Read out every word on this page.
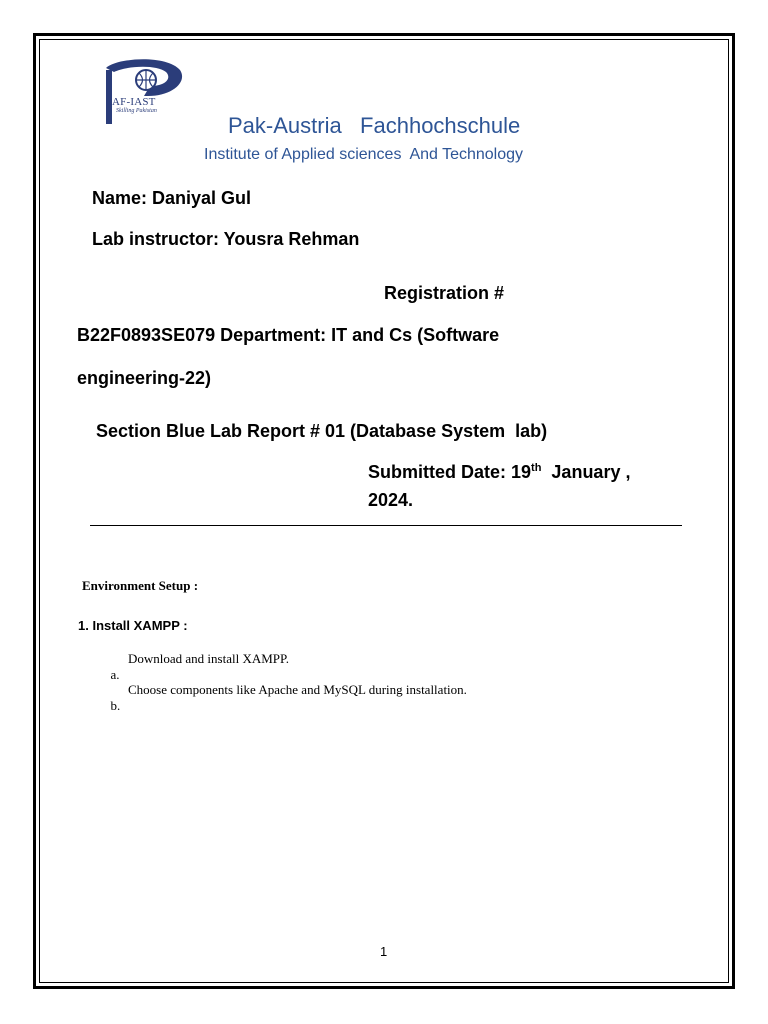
AF-IAST
Skilling Pakistan
Pak-Austria   Fachhochschule
Institute of Applied sciences  And Technology
Name: Daniyal Gul
Lab instructor: Yousra Rehman
Registration #
B22F0893SE079 Department: IT and Cs (Software
engineering-22)
Section Blue Lab Report # 01 (Database System  lab)
Submitted Date: 19th  January ,
2024.
Environment Setup :
1. Install XAMPP :

a.

Download and install XAMPP.

b.

Choose components like Apache and MySQL during installation.

1
